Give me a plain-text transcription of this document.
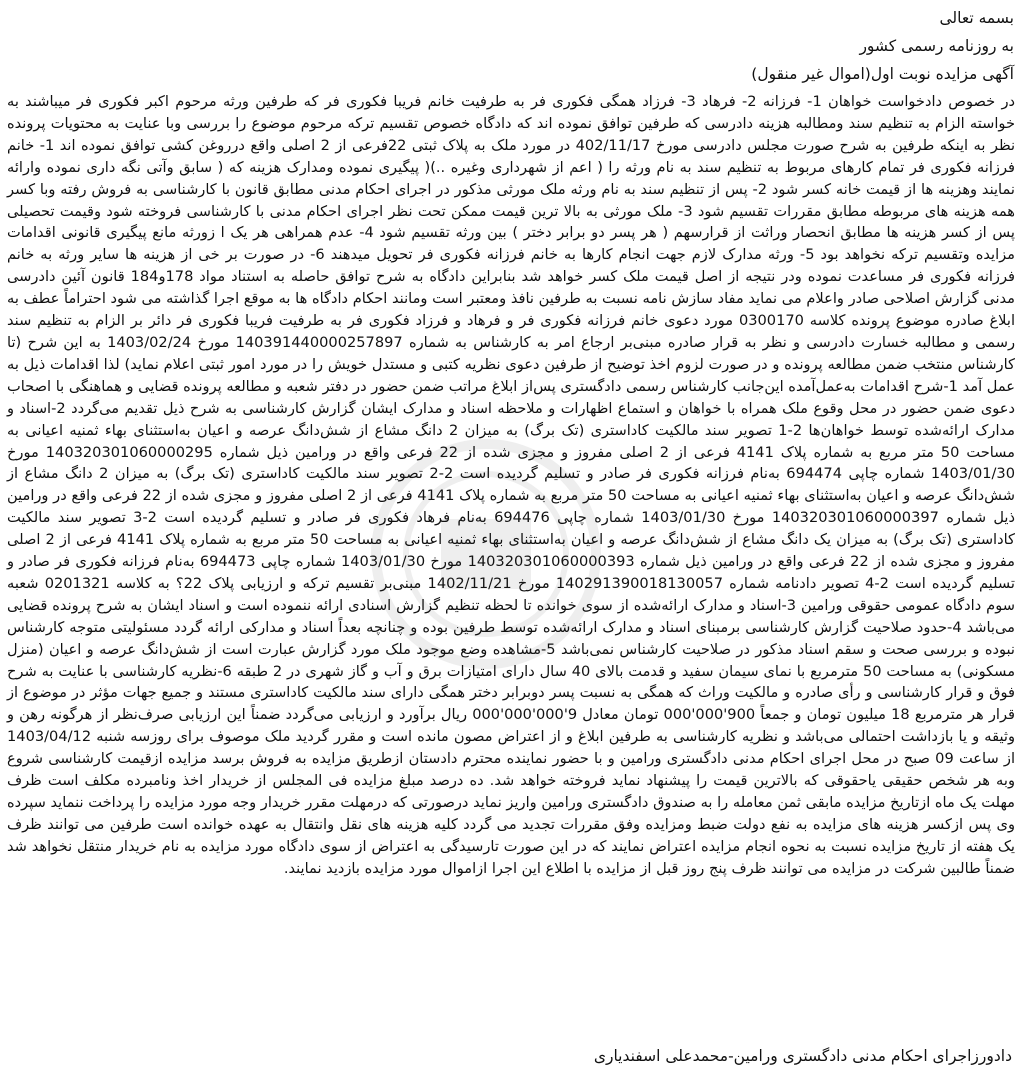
بسمه تعالی
به روزنامه رسمی کشور
آگهی مزایده نوبت اول(اموال غیر منقول)
در خصوص دادخواست خواهان 1- فرزانه 2- فرهاد 3- فرزاد همگی فکوری فر به طرفیت خانم فریبا فکوری فر که طرفین ورثه مرحوم اکبر فکوری فر میباشند به خواسته الزام به تنظیم سند ومطالبه هزینه دادرسی که طرفین توافق نموده اند که دادگاه خصوص تقسیم ترکه مرحوم موضوع را بررسی وبا عنایت به محتویات پرونده نظر به اینکه طرفین به شرح صورت مجلس دادرسی مورخ 402/11/17 در مورد ملک به پلاک ثبتی 22فرعی از 2 اصلی واقع درروغن کشی توافق نموده اند 1- خانم فرزانه فکوری فر تمام کارهای مربوط به تنظیم سند به نام ورثه را ( اعم از شهرداری وغیره ..)( پیگیری نموده ومدارک هزینه که ( سابق وآتی نگه داری نموده وارائه نمایند وهزینه ها از قیمت خانه کسر شود 2- پس از تنظیم سند به نام ورثه ملک مورثی مذکور در اجرای احکام مدنی مطابق قانون با کارشناسی به فروش رفته وبا کسر همه هزینه های مربوطه مطابق مقررات تقسیم شود 3- ملک مورثی به بالا ترین قیمت ممکن تحت نظر اجرای احکام مدنی با کارشناسی فروخته شود وقیمت تحصیلی پس از کسر هزینه ها مطابق انحصار وراثت از قرارسهم ( هر پسر دو برابر دختر ) بین ورثه تقسیم شود 4- عدم همراهی هر یک ا زورثه مانع پیگیری قانونی اقدامات مزایده وتقسیم ترکه نخواهد بود 5- ورثه مدارک لازم جهت انجام کارها به خانم فرزانه فکوری فر تحویل میدهند 6- در صورت بر خی از هزینه ها سایر ورثه به خانم فرزانه فکوری فر مساعدت نموده ودر نتیجه از اصل قیمت ملک کسر خواهد شد بنابراین دادگاه به شرح توافق حاصله به استناد مواد 178و184 قانون آئین دادرسی مدنی گزارش اصلاحی صادر واعلام می نماید مفاد سازش نامه نسبت به طرفین نافذ ومعتبر است ومانند احکام دادگاه ها به موقع اجرا گذاشته می شود احتراماً عطف به ابلاغ صادره موضوع پرونده کلاسه 0300170 مورد دعوی خانم فرزانه فکوری فر و فرهاد و فرزاد فکوری فر به طرفیت فریبا فکوری فر دائر بر الزام به تنظیم سند رسمی و مطالبه خسارت دادرسی و نظر به قرار صادره مبنی‌بر ارجاع امر به کارشناس به شماره 140391440000257897 مورخ 1403/02/24 به این شرح (تا کارشناس منتخب ضمن مطالعه پرونده و در صورت لزوم اخذ توضیح از طرفین دعوی نظریه کتبی و مستدل خویش را در مورد امور ثبتی اعلام نماید) لذا اقدامات ذیل به عمل آمد 1-شرح اقدامات به‌عمل‌آمده این‌جانب کارشناس رسمی دادگستری پس‌از ابلاغ مراتب ضمن حضور در دفتر شعبه و مطالعه پرونده قضایی و هماهنگی با اصحاب دعوی ضمن حضور در محل وقوع ملک همراه با خواهان و استماع اظهارات و ملاحظه اسناد و مدارک ایشان گزارش کارشناسی به شرح ذیل تقدیم می‌گردد 2-اسناد و مدارک ارائه‌شده توسط خواهان‌ها 2-1 تصویر سند مالکیت کاداستری (تک برگ) به میزان 2 دانگ مشاع از شش‌دانگ عرصه و اعیان به‌استثنای بهاء ثمنیه اعیانی به مساحت 50 متر مربع به شماره پلاک 4141 فرعی از 2 اصلی مفروز و مجزی شده از 22 فرعی واقع در ورامین ذیل شماره 140320301060000295 مورخ 1403/01/30 شماره چاپی 694474 به‌نام فرزانه فکوری فر صادر و تسلیم گردیده است 2-2 تصویر سند مالکیت کاداستری (تک برگ) به میزان 2 دانگ مشاع از شش‌دانگ عرصه و اعیان به‌استثنای بهاء ثمنیه اعیانی به مساحت 50 متر مربع به شماره پلاک 4141 فرعی از 2 اصلی مفروز و مجزی شده از 22 فرعی واقع در ورامین ذیل شماره 140320301060000397 مورخ 1403/01/30 شماره چاپی 694476 به‌نام فرهاد فکوری فر صادر و تسلیم گردیده است 2-3 تصویر سند مالکیت کاداستری (تک برگ) به میزان یک دانگ مشاع از شش‌دانگ عرصه و اعیان به‌استثنای بهاء ثمنیه اعیانی به مساحت 50 متر مربع به شماره پلاک 4141 فرعی از 2 اصلی مفروز و مجزی شده از 22 فرعی واقع در ورامین ذیل شماره 140320301060000393 مورخ 1403/01/30 شماره چاپی 694473 به‌نام فرزانه فکوری فر صادر و تسلیم گردیده است 2-4 تصویر دادنامه شماره 140291390018130057 مورخ 1402/11/21 مبنی‌بر تقسیم ترکه و ارزیابی پلاک 22؟ به کلاسه 0201321 شعبه سوم دادگاه عمومی حقوقی ورامین 3-اسناد و مدارک ارائه‌شده از سوی خوانده تا لحظه تنظیم گزارش اسنادی ارائه ننموده است و اسناد ایشان به شرح پرونده قضایی می‌باشد 4-حدود صلاحیت گزارش کارشناسی برمبنای اسناد و مدارک ارائه‌شده توسط طرفین بوده و چنانچه بعداً اسناد و مدارکی ارائه گردد مسئولیتی متوجه کارشناس نبوده و بررسی صحت و سقم اسناد مذکور در صلاحیت کارشناس نمی‌باشد 5-مشاهده وضع موجود ملک مورد گزارش عبارت است از شش‌دانگ عرصه و اعیان (منزل مسکونی) به مساحت 50 مترمربع با نمای سیمان سفید و قدمت بالای 40 سال دارای امتیازات برق و آب و گاز شهری در 2 طبقه 6-نظریه کارشناسی با عنایت به شرح فوق و قرار کارشناسی و رأی صادره و مالکیت وراث که همگی به نسبت پسر دوبرابر دختر همگی دارای سند مالکیت کاداستری مستند و جمیع جهات مؤثر در موضوع از قرار هر مترمربع 18 میلیون تومان و جمعاً 900'000'000 تومان معادل 9'000'000'000 ریال برآورد و ارزیابی می‌گردد ضمناً این ارزیابی صرف‌نظر از هرگونه رهن و وثیقه و یا بازداشت احتمالی می‌باشد و نظریه کارشناسی به طرفین ابلاغ و از اعتراض مصون مانده است و مقرر گردید ملک موصوف برای روزسه شنبه 1403/04/12 از ساعت 09 صبح در محل اجرای احکام مدنی دادگستری ورامین و با حضور نماینده محترم دادستان ازطریق مزایده به فروش برسد مزایده ازقیمت کارشناسی شروع وبه هر شخص حقیقی یاحقوقی که بالاترین قیمت را پیشنهاد نماید فروخته خواهد شد. ده درصد مبلغ مزایده فی المجلس از خریدار اخذ ونامبرده مکلف است ظرف مهلت یک ماه ازتاریخ مزایده مابقی ثمن معامله را به صندوق دادگستری ورامین واریز نماید درصورتی که درمهلت مقرر خریدار وجه مورد مزایده را پرداخت ننماید سپرده وی پس ازکسر هزینه های مزایده به نفع دولت ضبط ومزایده وفق مقررات تجدید می گردد کلیه هزینه های نقل وانتقال به عهده خوانده است طرفین می توانند ظرف یک هفته از تاریخ مزایده نسبت به نحوه انجام مزایده اعتراض نمایند که در این صورت تارسیدگی به اعتراض از سوی دادگاه مورد مزایده به نام خریدار منتقل نخواهد شد ضمناً طالبین شرکت در مزایده می توانند ظرف پنج روز قبل از مزایده با اطلاع این اجرا ازاموال مورد مزایده بازدید نمایند.
دادورزاجرای احکام مدنی دادگستری ورامین-محمدعلی اسفندیاری
